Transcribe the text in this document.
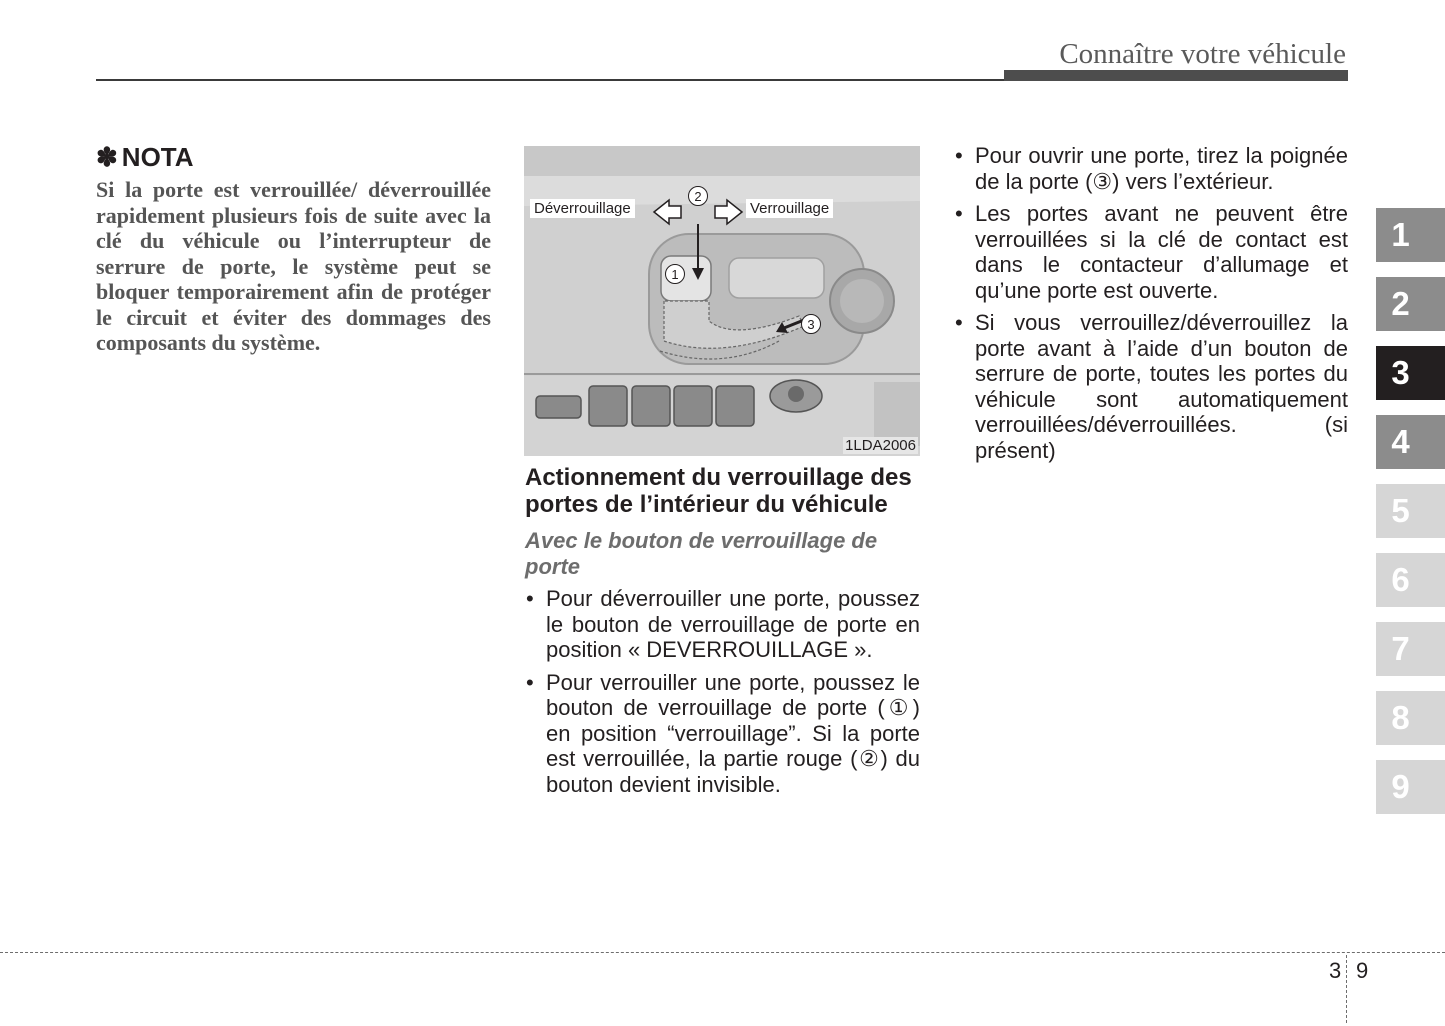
Connaître votre véhicule
✽ NOTA

Si la porte est verrouillée/ déverrouillée rapidement plusieurs fois de suite avec la clé du véhicule ou l’interrupteur de serrure de porte, le système peut se bloquer temporairement afin de protéger le circuit et éviter des dommages des composants du système.

Déverrouillage	Verrouillage
2
1
3
1LDA2006
Actionnement du verrouillage des portes de l’intérieur du véhicule

Avec le bouton de verrouillage de porte

• Pour déverrouiller une porte, poussez le bouton de verrouillage de porte en position « DEVERROUILLAGE ».
• Pour verrouiller une porte, poussez le bouton de verrouillage de porte (①) en position “verrouillage”. Si la porte est verrouillée, la partie rouge (②) du bouton devient invisible.
• Pour ouvrir une porte, tirez la poignée de la porte (③) vers l’extérieur.
• Les portes avant ne peuvent être verrouillées si la clé de contact est dans le contacteur d’allumage et qu’une porte est ouverte.
• Si vous verrouillez/déverrouillez la porte avant à l’aide d’un bouton de serrure de porte, toutes les portes du véhicule sont automatiquement verrouillées/déverrouillées. (si présent)
1
2
3
4
5
6
7
8
9
3 9
